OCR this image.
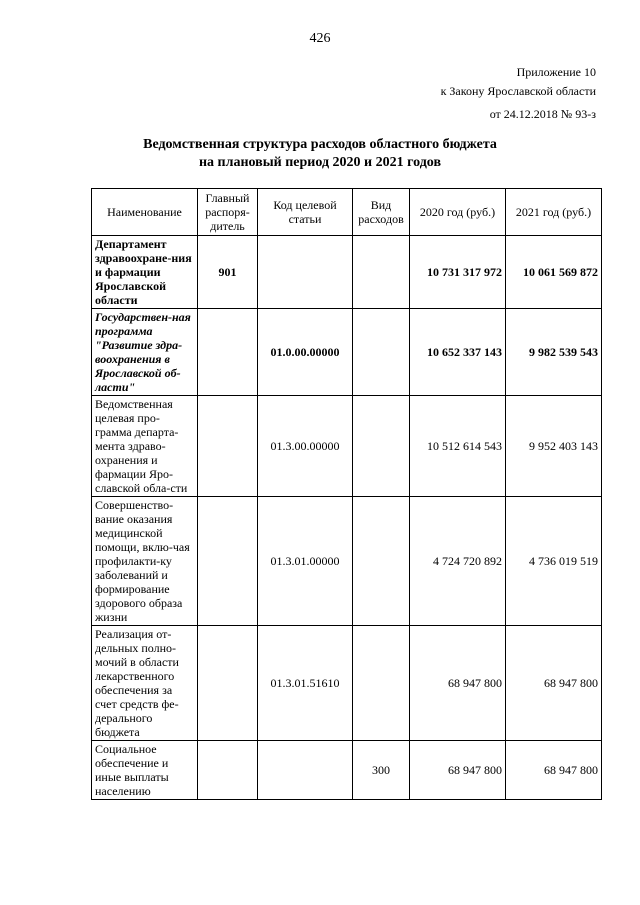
426
Приложение 10
к Закону Ярославской области
от 24.12.2018 № 93-з
Ведомственная структура расходов областного бюджета
на плановый период 2020 и 2021 годов
Наименование	Главный распоря-дитель	Код целевой статьи	Вид расходов	2020 год (руб.)	2021 год (руб.)
Департамент здравоохране-ния и фармации Ярославской области	901			10 731 317 972	10 061 569 872
Государствен-ная программа "Развитие здра-воохранения в Ярославской об-ласти"		01.0.00.00000		10 652 337 143	9 982 539 543
Ведомственная целевая про-грамма департа-мента здраво-охранения и фармации Яро-славской обла-сти		01.3.00.00000		10 512 614 543	9 952 403 143
Совершенство-вание оказания медицинской помощи, вклю-чая профилакти-ку заболеваний и формирование здорового образа жизни		01.3.01.00000		4 724 720 892	4 736 019 519
Реализация от-дельных полно-мочий в области лекарственного обеспечения за счет средств фе-дерального бюджета		01.3.01.51610		68 947 800	68 947 800
Социальное обеспечение и иные выплаты населению			300	68 947 800	68 947 800
